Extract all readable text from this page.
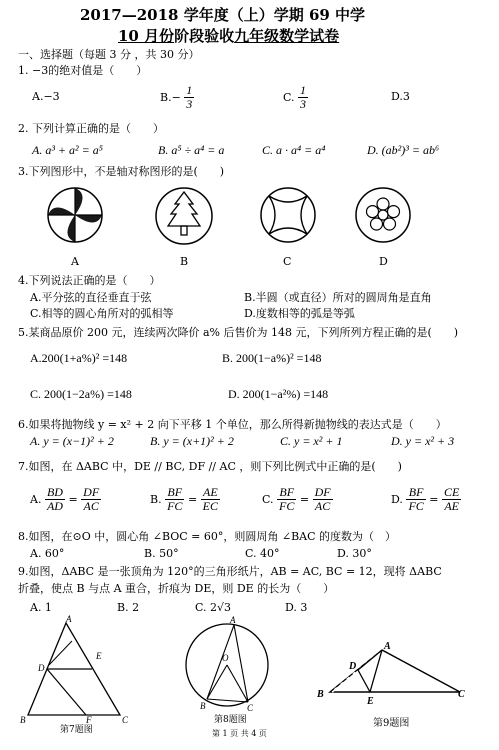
2017—2018 学年度（上）学期 69 中学
10 月份阶段验收九年级数学试卷
一、选择题（每题 3 分 ，共 30 分）
1. −3的绝对值是（　　）
A.−3	$B.- \frac{1}{3}$	C. $\frac{1}{3}$	D.3
2. 下列计算正确的是（　　）
A. a³ + a² = a⁵	B. a⁵ ÷ a⁴ = a	C. a · a⁴ = a⁴	D. (ab²)³ = ab⁶
3.下列图形中，不是轴对称图形的是(　　)
A	B	C	D
4.下列说法正确的是（　　）
A.平分弦的直径垂直于弦	B.半圆（或直径）所对的圆周角是直角
C.相等的圆心角所对的弧相等	D.度数相等的弧是等弧
5.某商品原价 200 元，连续两次降价 a% 后售价为 148 元，下列所列方程正确的是(　　)
A.200(1+a%)² =148	B. 200(1−a%)² =148
C. 200(1−2a%) =148	D. 200(1−a²%) =148
6.如果将抛物线 y = x² + 2 向下平移 1 个单位，那么所得新抛物线的表达式是（　　）
A. y = (x−1)² + 2	B. y = (x+1)² + 2	C. y = x² + 1	D. y = x² + 3
7.如图，在 ΔABC 中，DE // BC, DF // AC ，则下列比例式中正确的是(　　)
A. $\frac{BD}{AD} = \frac{DF}{AC}$	B. $\frac{BF}{FC} = \frac{AE}{EC}$	C. $\frac{BF}{FC} = \frac{DF}{AC}$	D. $\frac{BF}{FC} = \frac{CE}{AE}$
8.如图，在⊙O 中，圆心角 ∠BOC = 60°，则圆周角 ∠BAC 的度数为（　）
A. 60°	B. 50°	C. 40°	D. 30°
9.如图，ΔABC 是一张顶角为 120°的三角形纸片，AB = AC, BC = 12，现将 ΔABC
折叠，使点 B 与点 A 重合，折痕为 DE，则 DE 的长为（　　）
A. 1	B. 2	C. 2√3	D. 3
A
D
E
B	F	C
第7题图
A
O
B	C
第8题图
A
D
B
E
C
第9题图
第 1 页 共 4 页
